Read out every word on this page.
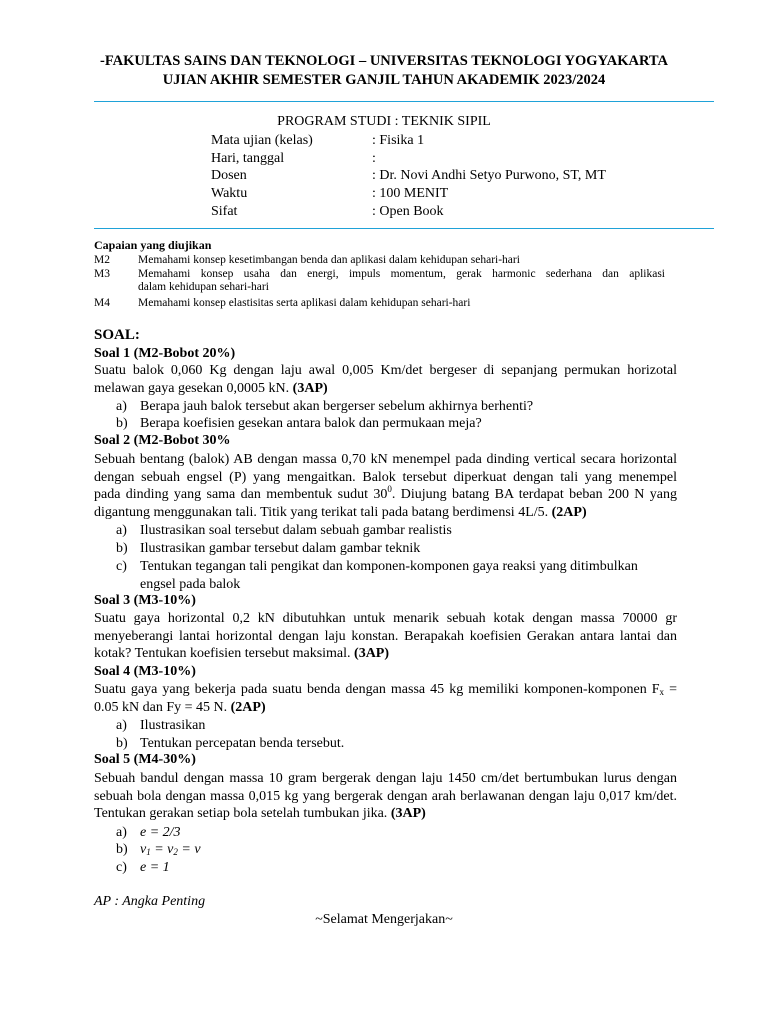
-FAKULTAS SAINS DAN TEKNOLOGI – UNIVERSITAS TEKNOLOGI YOGYAKARTA
UJIAN AKHIR SEMESTER GANJIL TAHUN AKADEMIK 2023/2024
PROGRAM STUDI : TEKNIK SIPIL
Mata ujian (kelas)	: Fisika 1
Hari, tanggal	:
Dosen	: Dr. Novi Andhi Setyo Purwono, ST, MT
Waktu	: 100 MENIT
Sifat	: Open Book
Capaian yang diujikan
M2 Memahami konsep kesetimbangan benda dan aplikasi dalam kehidupan sehari-hari
M3 Memahami konsep usaha dan energi, impuls momentum, gerak harmonic sederhana dan aplikasi
dalam kehidupan sehari-hari
M4 Memahami konsep elastisitas serta aplikasi dalam kehidupan sehari-hari
SOAL:
Soal 1 (M2-Bobot 20%)
Suatu balok 0,060 Kg dengan laju awal 0,005 Km/det bergeser di sepanjang permukan horizotal
melawan gaya gesekan 0,0005 kN. (3AP)
a) Berapa jauh balok tersebut akan bergerser sebelum akhirnya berhenti?
b) Berapa koefisien gesekan antara balok dan permukaan meja?
Soal 2 (M2-Bobot 30%
Sebuah bentang (balok) AB dengan massa 0,70 kN menempel pada dinding vertical secara horizontal
dengan sebuah engsel (P) yang mengaitkan. Balok tersebut diperkuat dengan tali yang menempel
pada dinding yang sama dan membentuk sudut $30^0$. Diujung batang BA terdapat beban 200 N yang
digantung menggunakan tali. Titik yang terikat tali pada batang berdimensi 4L/5. (2AP)
a) Ilustrasikan soal tersebut dalam sebuah gambar realistis
b) Ilustrasikan gambar tersebut dalam gambar teknik
c) Tentukan tegangan tali pengikat dan komponen-komponen gaya reaksi yang ditimbulkan
engsel pada balok
Soal 3 (M3-10%)
Suatu gaya horizontal 0,2 kN dibutuhkan untuk menarik sebuah kotak dengan massa 70000 gr
menyeberangi lantai horizontal dengan laju konstan. Berapakah koefisien Gerakan antara lantai dan
kotak? Tentukan koefisien tersebut maksimal. (3AP)
Soal 4 (M3-10%)
Suatu gaya yang bekerja pada suatu benda dengan massa 45 kg memiliki komponen-komponen $F_x$ =
0.05 kN dan Fy = 45 N. (2AP)
a) Ilustrasikan
b) Tentukan percepatan benda tersebut.
Soal 5 (M4-30%)
Sebuah bandul dengan massa 10 gram bergerak dengan laju 1450 cm/det bertumbukan lurus dengan
sebuah bola dengan massa 0,015 kg yang bergerak dengan arah berlawanan dengan laju 0,017 km/det.
Tentukan gerakan setiap bola setelah tumbukan jika. (3AP)
a) e = 2/3
b) $v_1 = v_2 = v$
c) e = 1
AP : Angka Penting
~Selamat Mengerjakan~
